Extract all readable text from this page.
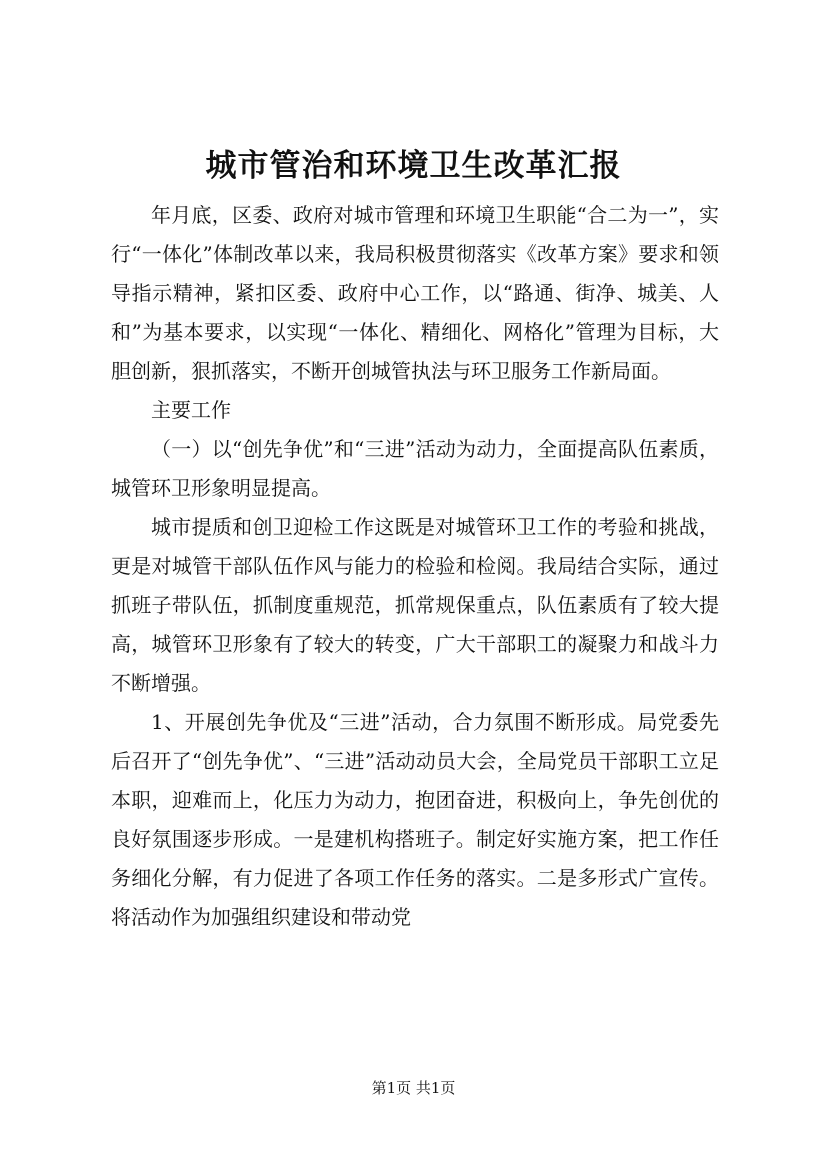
城市管治和环境卫生改革汇报

年月底，区委、政府对城市管理和环境卫生职能“合二为一”，实行“一体化”体制改革以来，我局积极贯彻落实《改革方案》要求和领导指示精神，紧扣区委、政府中心工作，以“路通、街净、城美、人和”为基本要求，以实现“一体化、精细化、网格化”管理为目标，大胆创新，狠抓落实，不断开创城管执法与环卫服务工作新局面。

主要工作

（一）以“创先争优”和“三进”活动为动力，全面提高队伍素质，城管环卫形象明显提高。

城市提质和创卫迎检工作这既是对城管环卫工作的考验和挑战，更是对城管干部队伍作风与能力的检验和检阅。我局结合实际，通过抓班子带队伍，抓制度重规范，抓常规保重点，队伍素质有了较大提高，城管环卫形象有了较大的转变，广大干部职工的凝聚力和战斗力不断增强。

1、开展创先争优及“三进”活动，合力氛围不断形成。局党委先后召开了“创先争优”、“三进”活动动员大会，全局党员干部职工立足本职，迎难而上，化压力为动力，抱团奋进，积极向上，争先创优的良好氛围逐步形成。一是建机构搭班子。制定好实施方案，把工作任务细化分解，有力促进了各项工作任务的落实。二是多形式广宣传。将活动作为加强组织建设和带动党

第1页 共1页
